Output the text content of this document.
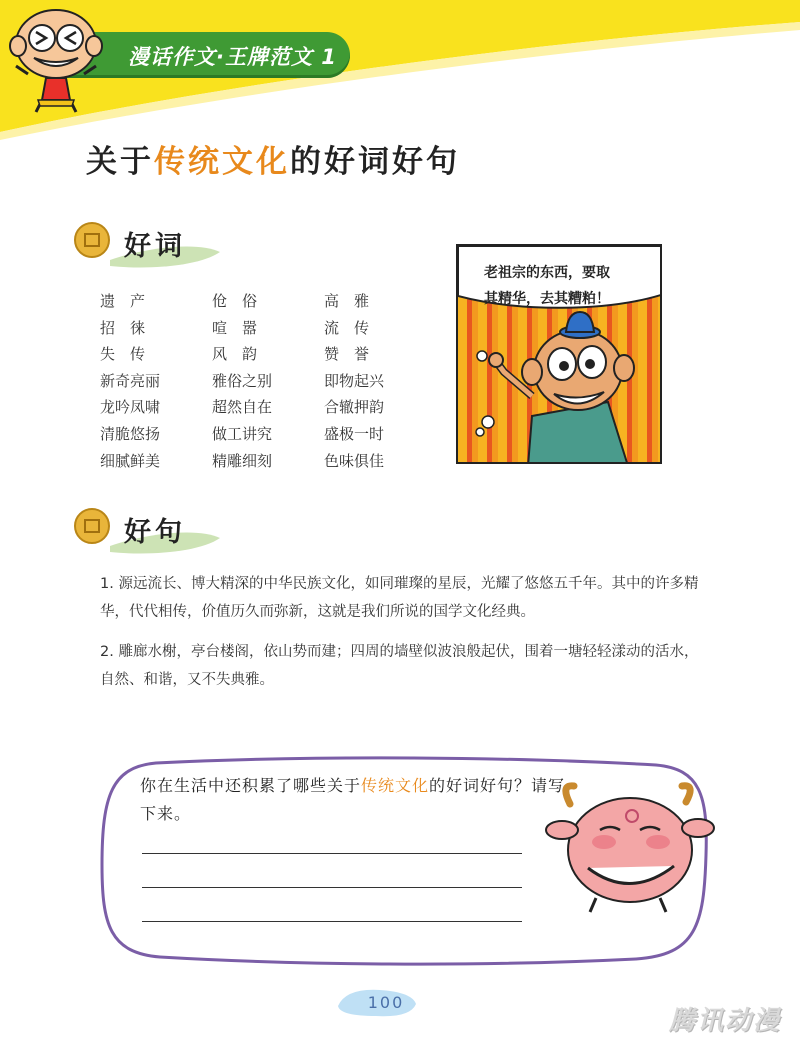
漫话作文·王牌范文 1
关于传统文化的好词好句
好词
遗　产	伧　俗	高　雅
招　徕	喧　嚣	流　传
失　传	风　韵	赞　誉
新奇亮丽	雅俗之别	即物起兴
龙吟凤啸	超然自在	合辙押韵
清脆悠扬	做工讲究	盛极一时
细腻鲜美	精雕细刻	色味俱佳
老祖宗的东西，要取
其精华，去其糟粕！
好句
1. 源远流长、博大精深的中华民族文化，如同璀璨的星辰，光耀了悠悠五千年。其中的许多精华，代代相传，价值历久而弥新，这就是我们所说的国学文化经典。
2. 雕廊水榭，亭台楼阁，依山势而建；四周的墙壁似波浪般起伏，围着一塘轻轻漾动的活水，自然、和谐，又不失典雅。
你在生活中还积累了哪些关于传统文化的好词好句？请写下来。
100
腾讯动漫
